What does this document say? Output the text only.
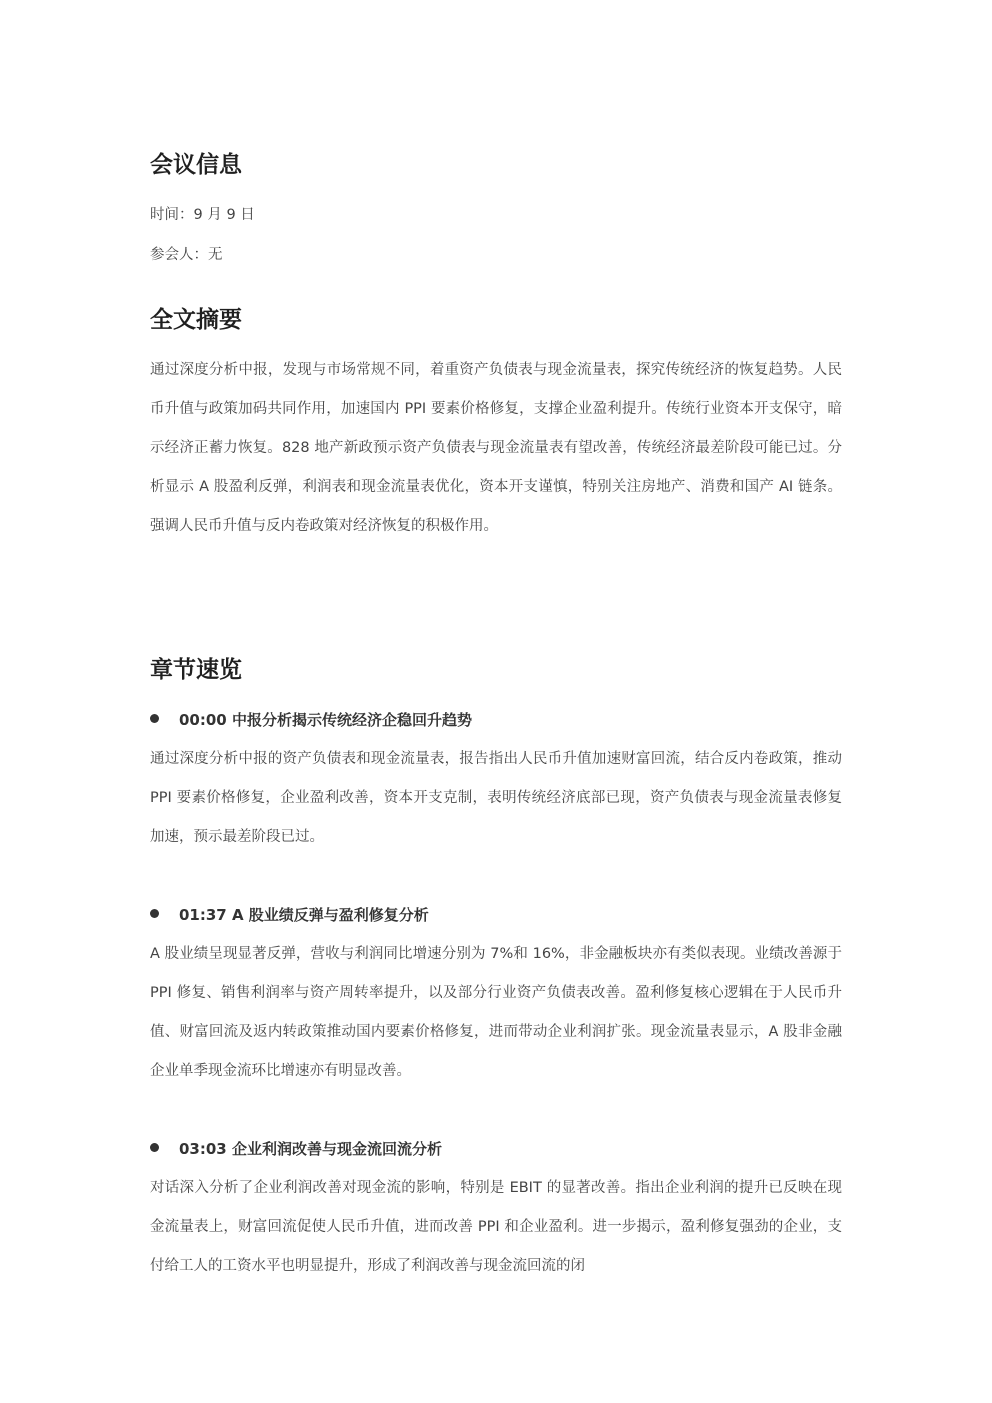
会议信息
时间：9 月 9 日
参会人：无
全文摘要

通过深度分析中报，发现与市场常规不同，着重资产负债表与现金流量表，探究传统经济的恢复趋势。人民币升值与政策加码共同作用，加速国内 PPI 要素价格修复，支撑企业盈利提升。传统行业资本开支保守，暗示经济正蓄力恢复。828 地产新政预示资产负债表与现金流量表有望改善，传统经济最差阶段可能已过。分析显示 A 股盈利反弹，利润表和现金流量表优化，资本开支谨慎，特别关注房地产、消费和国产 AI 链条。强调人民币升值与反内卷政策对经济恢复的积极作用。

章节速览
00:00 中报分析揭示传统经济企稳回升趋势

通过深度分析中报的资产负债表和现金流量表，报告指出人民币升值加速财富回流，结合反内卷政策，推动 PPI 要素价格修复，企业盈利改善，资本开支克制，表明传统经济底部已现，资产负债表与现金流量表修复加速，预示最差阶段已过。

01:37 A 股业绩反弹与盈利修复分析

A 股业绩呈现显著反弹，营收与利润同比增速分别为 7%和 16%，非金融板块亦有类似表现。业绩改善源于 PPI 修复、销售利润率与资产周转率提升，以及部分行业资产负债表改善。盈利修复核心逻辑在于人民币升值、财富回流及返内转政策推动国内要素价格修复，进而带动企业利润扩张。现金流量表显示，A 股非金融企业单季现金流环比增速亦有明显改善。

03:03 企业利润改善与现金流回流分析

对话深入分析了企业利润改善对现金流的影响，特别是 EBIT 的显著改善。指出企业利润的提升已反映在现金流量表上，财富回流促使人民币升值，进而改善 PPI 和企业盈利。进一步揭示，盈利修复强劲的企业，支付给工人的工资水平也明显提升，形成了利润改善与现金流回流的闭
